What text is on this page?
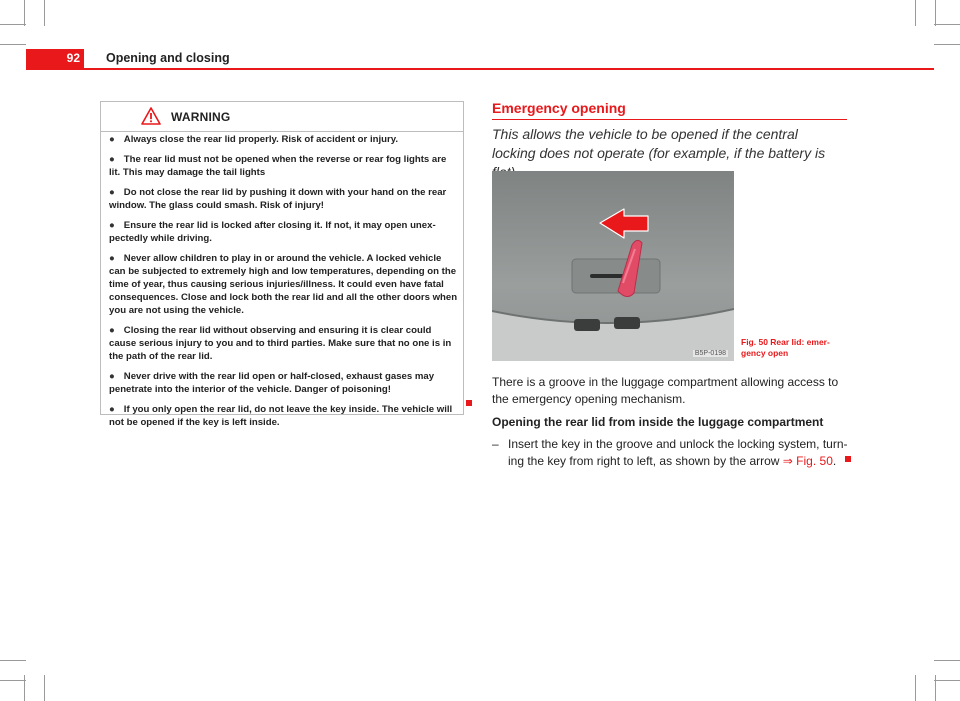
92	Opening and closing
WARNING
● Always close the rear lid properly. Risk of accident or injury.
● The rear lid must not be opened when the reverse or rear fog lights are lit. This may damage the tail lights
● Do not close the rear lid by pushing it down with your hand on the rear window. The glass could smash. Risk of injury!
● Ensure the rear lid is locked after closing it. If not, it may open unex-pectedly while driving.
● Never allow children to play in or around the vehicle. A locked vehicle can be subjected to extremely high and low temperatures, depending on the time of year, thus causing serious injuries/illness. It could even have fatal consequences. Close and lock both the rear lid and all the other doors when you are not using the vehicle.
● Closing the rear lid without observing and ensuring it is clear could cause serious injury to you and to third parties. Make sure that no one is in the path of the rear lid.
● Never drive with the rear lid open or half-closed, exhaust gases may penetrate into the interior of the vehicle. Danger of poisoning!
● If you only open the rear lid, do not leave the key inside. The vehicle will not be opened if the key is left inside.
Emergency opening
This allows the vehicle to be opened if the central locking does not operate (for example, if the battery is
B5P-0198
Fig. 50 Rear lid: emer-gency open
There is a groove in the luggage compartment allowing access to the emergency opening mechanism.
Opening the rear lid from inside the luggage compartment
– Insert the key in the groove and unlock the locking system, turn-ing the key from right to left, as shown by the arrow ⇒ Fig. 50.
